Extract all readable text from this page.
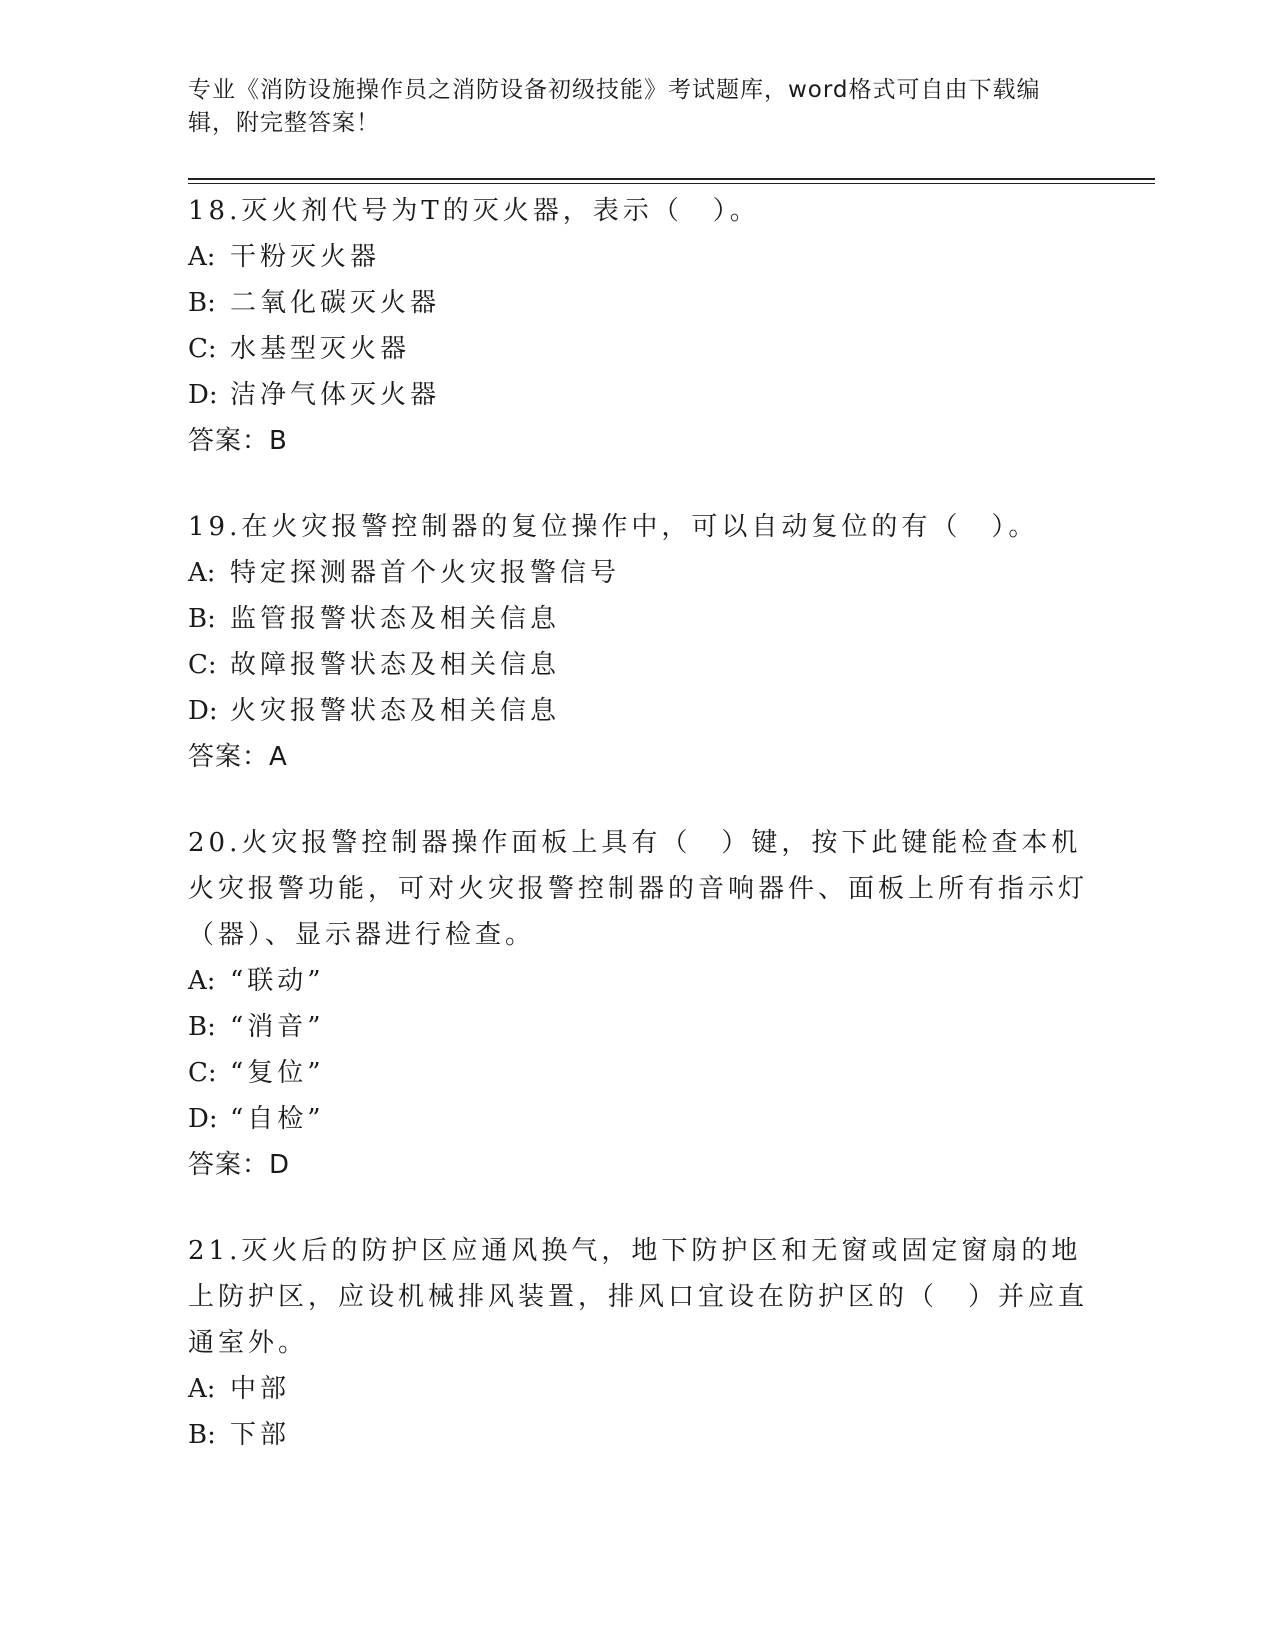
专业《消防设施操作员之消防设备初级技能》考试题库，word格式可自由下载编辑，附完整答案！
18.灭火剂代号为T的灭火器，表示（　）。
A: 干粉灭火器
B: 二氧化碳灭火器
C: 水基型灭火器
D: 洁净气体灭火器
答案：B
19.在火灾报警控制器的复位操作中，可以自动复位的有（　）。
A: 特定探测器首个火灾报警信号
B: 监管报警状态及相关信息
C: 故障报警状态及相关信息
D: 火灾报警状态及相关信息
答案：A
20.火灾报警控制器操作面板上具有（　）键，按下此键能检查本机火灾报警功能，可对火灾报警控制器的音响器件、面板上所有指示灯（器）、显示器进行检查。
A: “联动”
B: “消音”
C: “复位”
D: “自检”
答案：D
21.灭火后的防护区应通风换气，地下防护区和无窗或固定窗扇的地上防护区，应设机械排风装置，排风口宜设在防护区的（　）并应直通室外。
A: 中部
B: 下部
